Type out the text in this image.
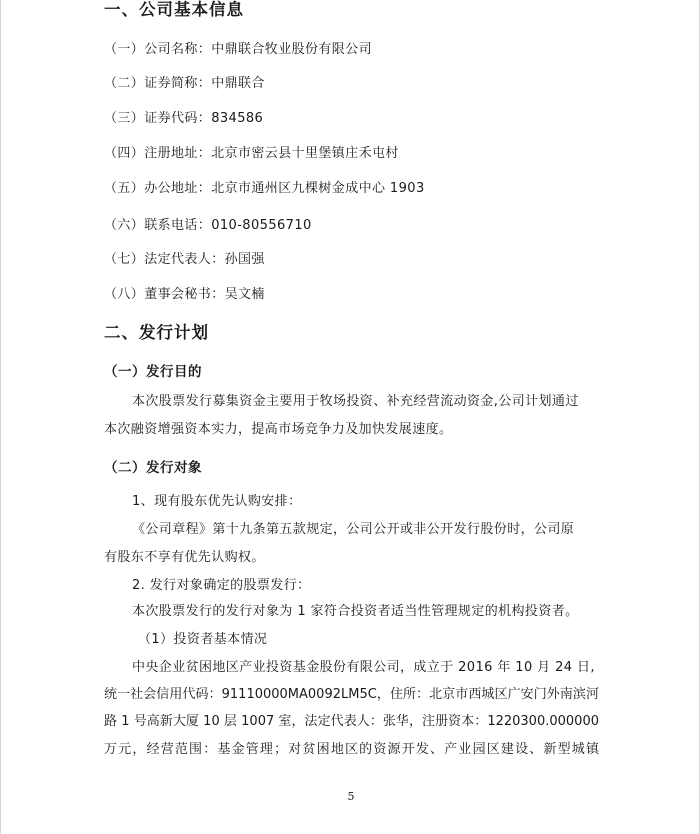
一、公司基本信息
（一）公司名称：中鼎联合牧业股份有限公司
（二）证券简称：中鼎联合
（三）证券代码：834586
（四）注册地址：北京市密云县十里堡镇庄禾屯村
（五）办公地址：北京市通州区九棵树金成中心 1903
（六）联系电话：010-80556710
（七）法定代表人：孙国强
（八）董事会秘书：吴文楠
二、发行计划
（一）发行目的
本次股票发行募集资金主要用于牧场投资、补充经营流动资金,公司计划通过
本次融资增强资本实力，提高市场竞争力及加快发展速度。
（二）发行对象
1、现有股东优先认购安排：
《公司章程》第十九条第五款规定，公司公开或非公开发行股份时，公司原
有股东不享有优先认购权。
2. 发行对象确定的股票发行：
本次股票发行的发行对象为 1 家符合投资者适当性管理规定的机构投资者。
（1）投资者基本情况
中央企业贫困地区产业投资基金股份有限公司，成立于 2016 年 10 月 24 日,
统一社会信用代码：91110000MA0092LM5C，住所：北京市西城区广安门外南滨河
路 1 号高新大厦 10 层 1007 室，法定代表人：张华，注册资本：1220300.000000
万元，经营范围：基金管理；对贫困地区的资源开发、产业园区建设、新型城镇
5
